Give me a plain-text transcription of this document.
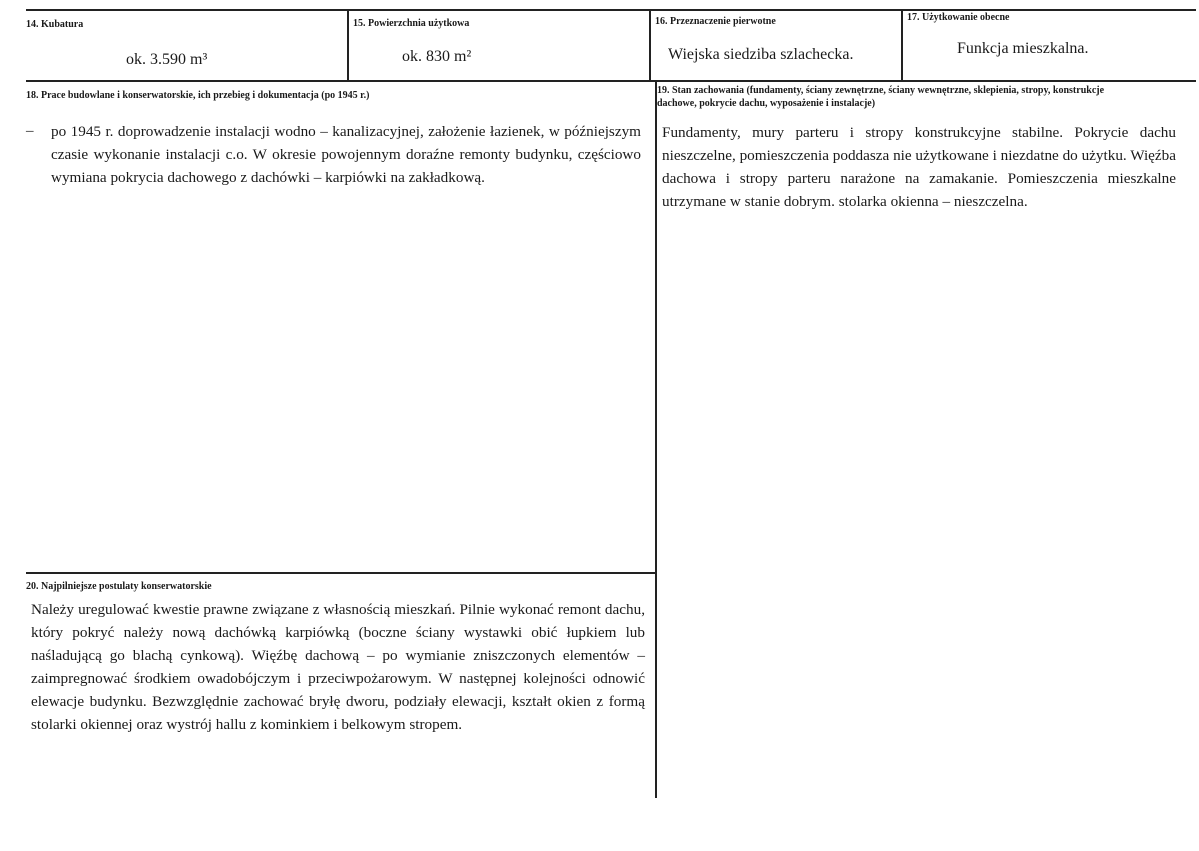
14. Kubatura
ok. 3.590 m³
15. Powierzchnia użytkowa
ok. 830 m²
16. Przeznaczenie pierwotne
Wiejska siedziba szlachecka.
17. Użytkowanie obecne
Funkcja mieszkalna.
18. Prace budowlane i konserwatorskie, ich przebieg i dokumentacja (po 1945 r.)
– po 1945 r. doprowadzenie instalacji wodno – kanalizacyjnej, założenie łazienek, w późniejszym czasie wykonanie instalacji c.o. W okresie powojennym doraźne remonty budynku, częściowo wymiana pokrycia dachowego z dachówki – karpiówki na zakładkową.
19. Stan zachowania (fundamenty, ściany zewnętrzne, ściany wewnętrzne, sklepienia, stropy, konstrukcje
dachowe, pokrycie dachu, wyposażenie i instalacje)
Fundamenty, mury parteru i stropy konstrukcyjne stabilne. Pokrycie dachu nieszczelne, pomieszczenia poddasza nie użytkowane i niezdatne do użytku. Więźba dachowa i stropy parteru narażone na zamakanie. Pomieszczenia mieszkalne utrzymane w stanie dobrym. stolarka okienna – nieszczelna.
20. Najpilniejsze postulaty konserwatorskie
Należy uregulować kwestie prawne związane z własnością mieszkań. Pilnie wykonać remont dachu, który pokryć należy nową dachówką karpiówką (boczne ściany wystawki obić łupkiem lub naśladującą go blachą cynkową). Więźbę dachową – po wymianie zniszczonych elementów – zaimpregnować środkiem owadobójczym i przeciwpożarowym. W następnej kolejności odnowić elewacje budynku. Bezwzględnie zachować bryłę dworu, podziały elewacji, kształt okien z formą stolarki okiennej oraz wystrój hallu z kominkiem i belkowym stropem.
